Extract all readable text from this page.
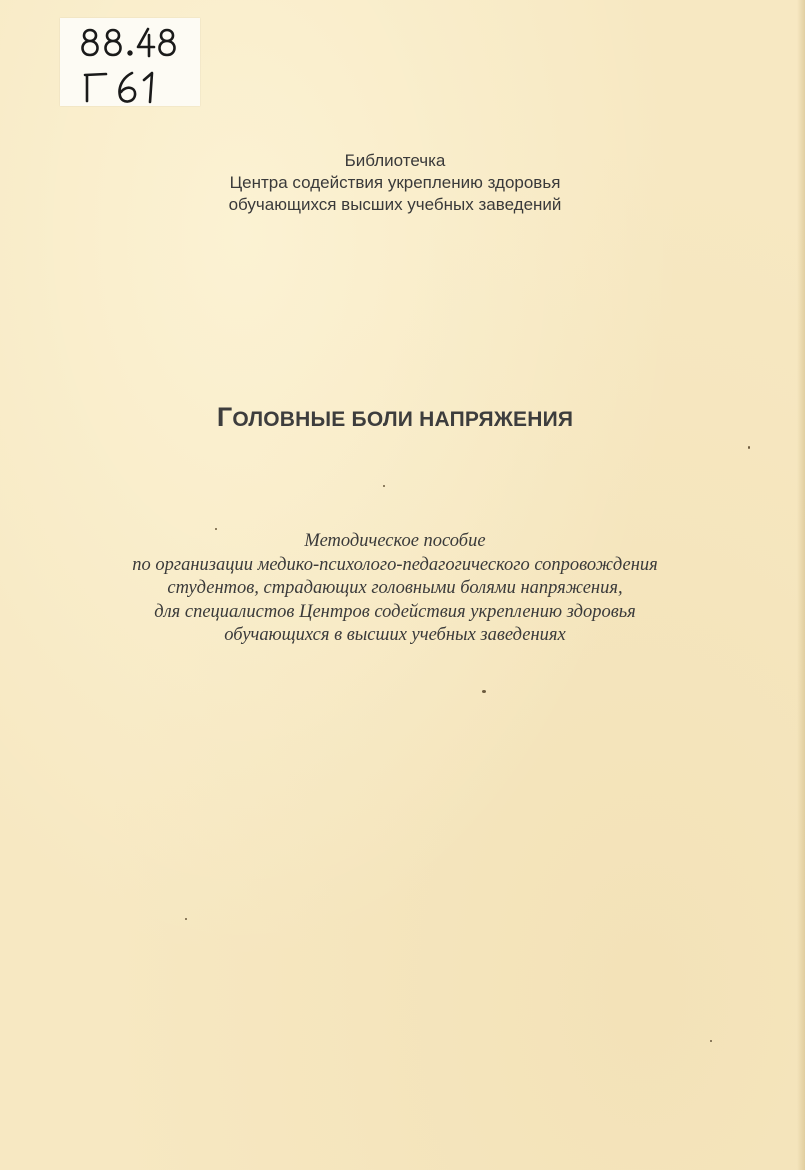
Библиотечка
Центра содействия укреплению здоровья
обучающихся высших учебных заведений
ГОЛОВНЫЕ БОЛИ НАПРЯЖЕНИЯ
Методическое пособие
по организации медико-психолого-педагогического сопровождения
студентов, страдающих головными болями напряжения,
для специалистов Центров содействия укреплению здоровья
обучающихся в высших учебных заведениях
